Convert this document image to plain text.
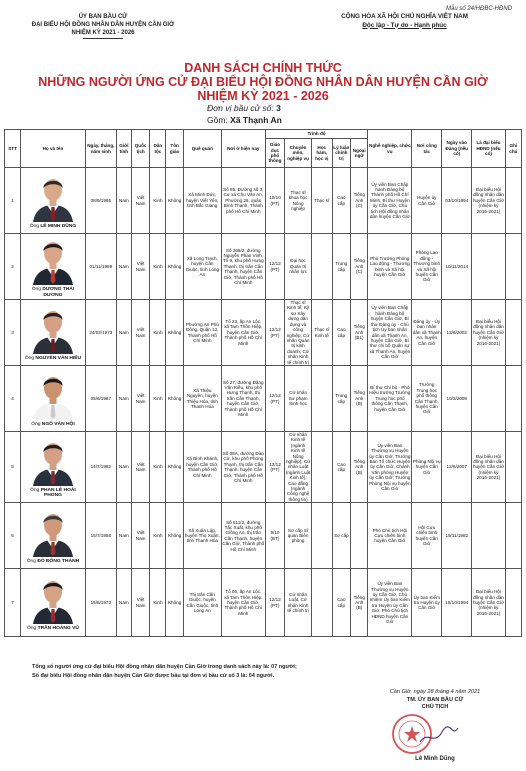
Mẫu số 24/HĐBC-HĐND
ỦY BAN BẦU CỬ
ĐẠI BIỂU HỘI ĐỒNG NHÂN DÂN HUYỆN CẦN GIỜ
NHIỆM KỲ 2021 - 2026
CỘNG HÒA XÃ HỘI CHỦ NGHĨA VIỆT NAM
Độc lập - Tự do - Hạnh phúc
DANH SÁCH CHÍNH THỨC
NHỮNG NGƯỜI ỨNG CỬ ĐẠI BIỂU HỘI ĐỒNG NHÂN DÂN HUYỆN CẦN GIỜ
NHIỆM KỲ 2021 - 2026
Đơn vị bầu cử số: 3
Gồm: Xã Thạnh An
STT	Họ và tên	Ngày, tháng, năm sinh	Giới tính	Quốc tịch	Dân tộc	Tôn giáo	Quê quán	Nơi ở hiện nay	Trình độ					Nghề nghiệp, chức vụ	Nơi công tác	Ngày vào Đảng (nếu có)	Là đại biểu HĐND (nếu có)	Ghi chú
									Giáo dục phổ thông	Chuyên môn, nghiệp vụ	Học hàm, học vị	Lý luận chính trị	Ngoại ngữ					
1	Ông LÊ MINH DŨNG	08/9/1965	Nam	Việt Nam	Kinh	Không	Xã Minh Đức, huyện Việt Yên, tỉnh Bắc Giang	Số 85, Đường số 3, Cư xá Chu Văn An, Phường 26, quận Bình Thạnh, Thành phố Hồ Chí Minh	10/10 (PT)	Thạc sĩ khoa học Nông nghiệp	Thạc sĩ	Cao cấp	Tiếng Anh (C)	Ủy viên Ban Chấp hành Đảng bộ Thành phố Hồ Chí Minh, Bí thư Huyện ủy Cần Giờ, Chủ tịch Hội đồng nhân dân huyện Cần Giờ	Huyện ủy Cần Giờ	03/10/1994	Đại biểu Hội đồng nhân dân huyện Cần Giờ (nhiệm kỳ 2016-2021)	
2	Ông DƯƠNG THÁI DƯƠNG	01/11/1989	Nam	Việt Nam	Kinh	Không	Xã Long Trạch, huyện Cần Giuộc, tỉnh Long An	Số 269/2, đường Nguyễn Phan Vinh, Tổ 9, khu phố Hưng Thạnh, thị trấn Cần Thạnh, huyện Cần Giờ, Thành phố Hồ Chí Minh	12/12 (PT)	Đại học Quản trị nhân lực		Trung cấp	Tiếng Anh (C)	Phó Trưởng Phòng Lao động - Thương binh và Xã hội huyện Cần Giờ	Phòng Lao động - Thương binh và Xã hội huyện Cần Giờ	10/11/2014		
3	Ông NGUYỄN VĂN HIẾU	24/02/1973	Nam	Việt Nam	Kinh	Không	Phường An Phú Đông, Quận 12, Thành phố Hồ Chí Minh	Tổ 23, ấp An Lộc, xã Tam Thôn Hiệp, huyện Cần Giờ, Thành phố Hồ Chí Minh	12/12 (PT)	Thạc sĩ Kinh tế; Kỹ sư Xây dựng dân dụng và công nghiệp; Cử nhân Quản trị kinh doanh; Cử nhân Kinh tế chính trị	Thạc sĩ Kinh tế	Cao cấp	Tiếng Anh (B1)	Ủy viên Ban Chấp hành Đảng bộ huyện Cần Giờ, Bí thư Đảng ủy - Chủ tịch Ủy ban nhân dân xã Thạnh An, huyện Cần Giờ, Bí thư chi bộ Quân sự xã Thạnh An, huyện Cần Giờ	Đảng ủy - Ủy ban nhân dân xã Thạnh An, huyện Cần Giờ	13/6/2002	Đại biểu Hội đồng nhân dân huyện Cần Giờ (nhiệm kỳ 2016-2021)	
4	Ông NGÔ VĂN HỘI	05/6/1987	Nam	Việt Nam	Kinh	Không	Xã Thiệu Nguyên, huyện Thiệu Hóa, tỉnh Thanh Hóa	Số 27, đường Đặng Văn Kiều, khu phố Hưng Thạnh, thị trấn Cần Thạnh, huyện Cần Giờ, Thành phố Hồ Chí Minh	12/12 (PT)	Cử nhân Sư phạm Sinh học		Trung cấp	Tiếng Anh (B)	Bí thư Chi bộ - Phó Hiệu trưởng Trường Trung học phổ thông Cần Thạnh, huyện Cần Giờ	Trường Trung học phổ thông Cần Thạnh, huyện Cần Giờ	10/3/2009		
5	Ông PHAN LÊ HOÀI PHONG	14/7/1982	Nam	Việt Nam	Kinh	Không	Xã Bình Khánh, huyện Cần Giờ, Thành phố Hồ Chí Minh	Số 08A, đường Đào Cử, khu phố Phong Thạnh, thị trấn Cần Thạnh, huyện Cần Giờ, Thành phố Hồ Chí Minh	12/12 (PT)	Cử nhân Kinh tế (ngành Kinh tế Nông nghiệp); Cử nhân Luật (ngành Luật Kinh tế); Cao đẳng (ngành Công nghệ thông tin)		Cao cấp	Tiếng Anh (B)	Ủy viên Ban Thường vụ Huyện ủy Cần Giờ, Trưởng Ban Tổ chức Huyện ủy Cần Giờ, Chánh Văn phòng Huyện ủy Cần Giờ; Trưởng Phòng Nội vụ huyện Cần Giờ	Phòng Nội vụ huyện Cần Giờ	12/6/2007	Đại biểu Hội đồng nhân dân huyện Cần Giờ (nhiệm kỳ 2016-2021)	
6	Ông ĐỖ ĐÔNG THÀNH	15/7/1958	Nam	Việt Nam	Kinh	Không	Xã Xuân Lập, huyện Thọ Xuân, tỉnh Thanh Hóa	Số 511/2, đường Tắc Xuất, khu phố Giồng Ao, thị trấn Cần Thạnh, huyện Cần Giờ, Thành phố Hồ Chí Minh	9/10 (BT)	Sơ cấp Sĩ quan Biên phòng		Sơ cấp		Phó Chủ tịch Hội Cựu chiến binh huyện Cần Giờ	Hội Cựu chiến binh huyện Cần Giờ	19/11/1982		
7	Ông TRẦN HOÀNG VŨ	15/8/1973	Nam	Việt Nam	Kinh	Không	Thị trấn Cần Giuộc, huyện Cần Giuộc, tỉnh Long An	Tổ 06, ấp An Lộc, xã Tam Thôn Hiệp, huyện Cần Giờ, Thành phố Hồ Chí Minh	12/12 (PT)	Cử nhân Luật, Cử nhân Kinh tế chính trị		Cao cấp	Tiếng Anh (B)	Ủy viên Ban Thường vụ Huyện ủy Cần Giờ, Chủ nhiệm Ủy ban Kiểm tra Huyện ủy Cần Giờ, Phó Chủ tịch HĐND huyện Cần Giờ	Ủy ban Kiểm tra Huyện ủy Cần Giờ	15/10/1994	Đại biểu Hội đồng nhân dân huyện Cần Giờ (nhiệm kỳ 2016-2021)	
Tổng số người ứng cử đại biểu Hội đồng nhân dân huyện Cần Giờ trong danh sách này là: 07 người;
Số đại biểu Hội đồng nhân dân huyện Cần Giờ được bầu tại đơn vị bầu cử số 3 là: 04 người.
Cần Giờ, ngày 28 tháng 4 năm 2021
TM. ỦY BAN BẦU CỬ
CHỦ TỊCH
Lê Minh Dũng
